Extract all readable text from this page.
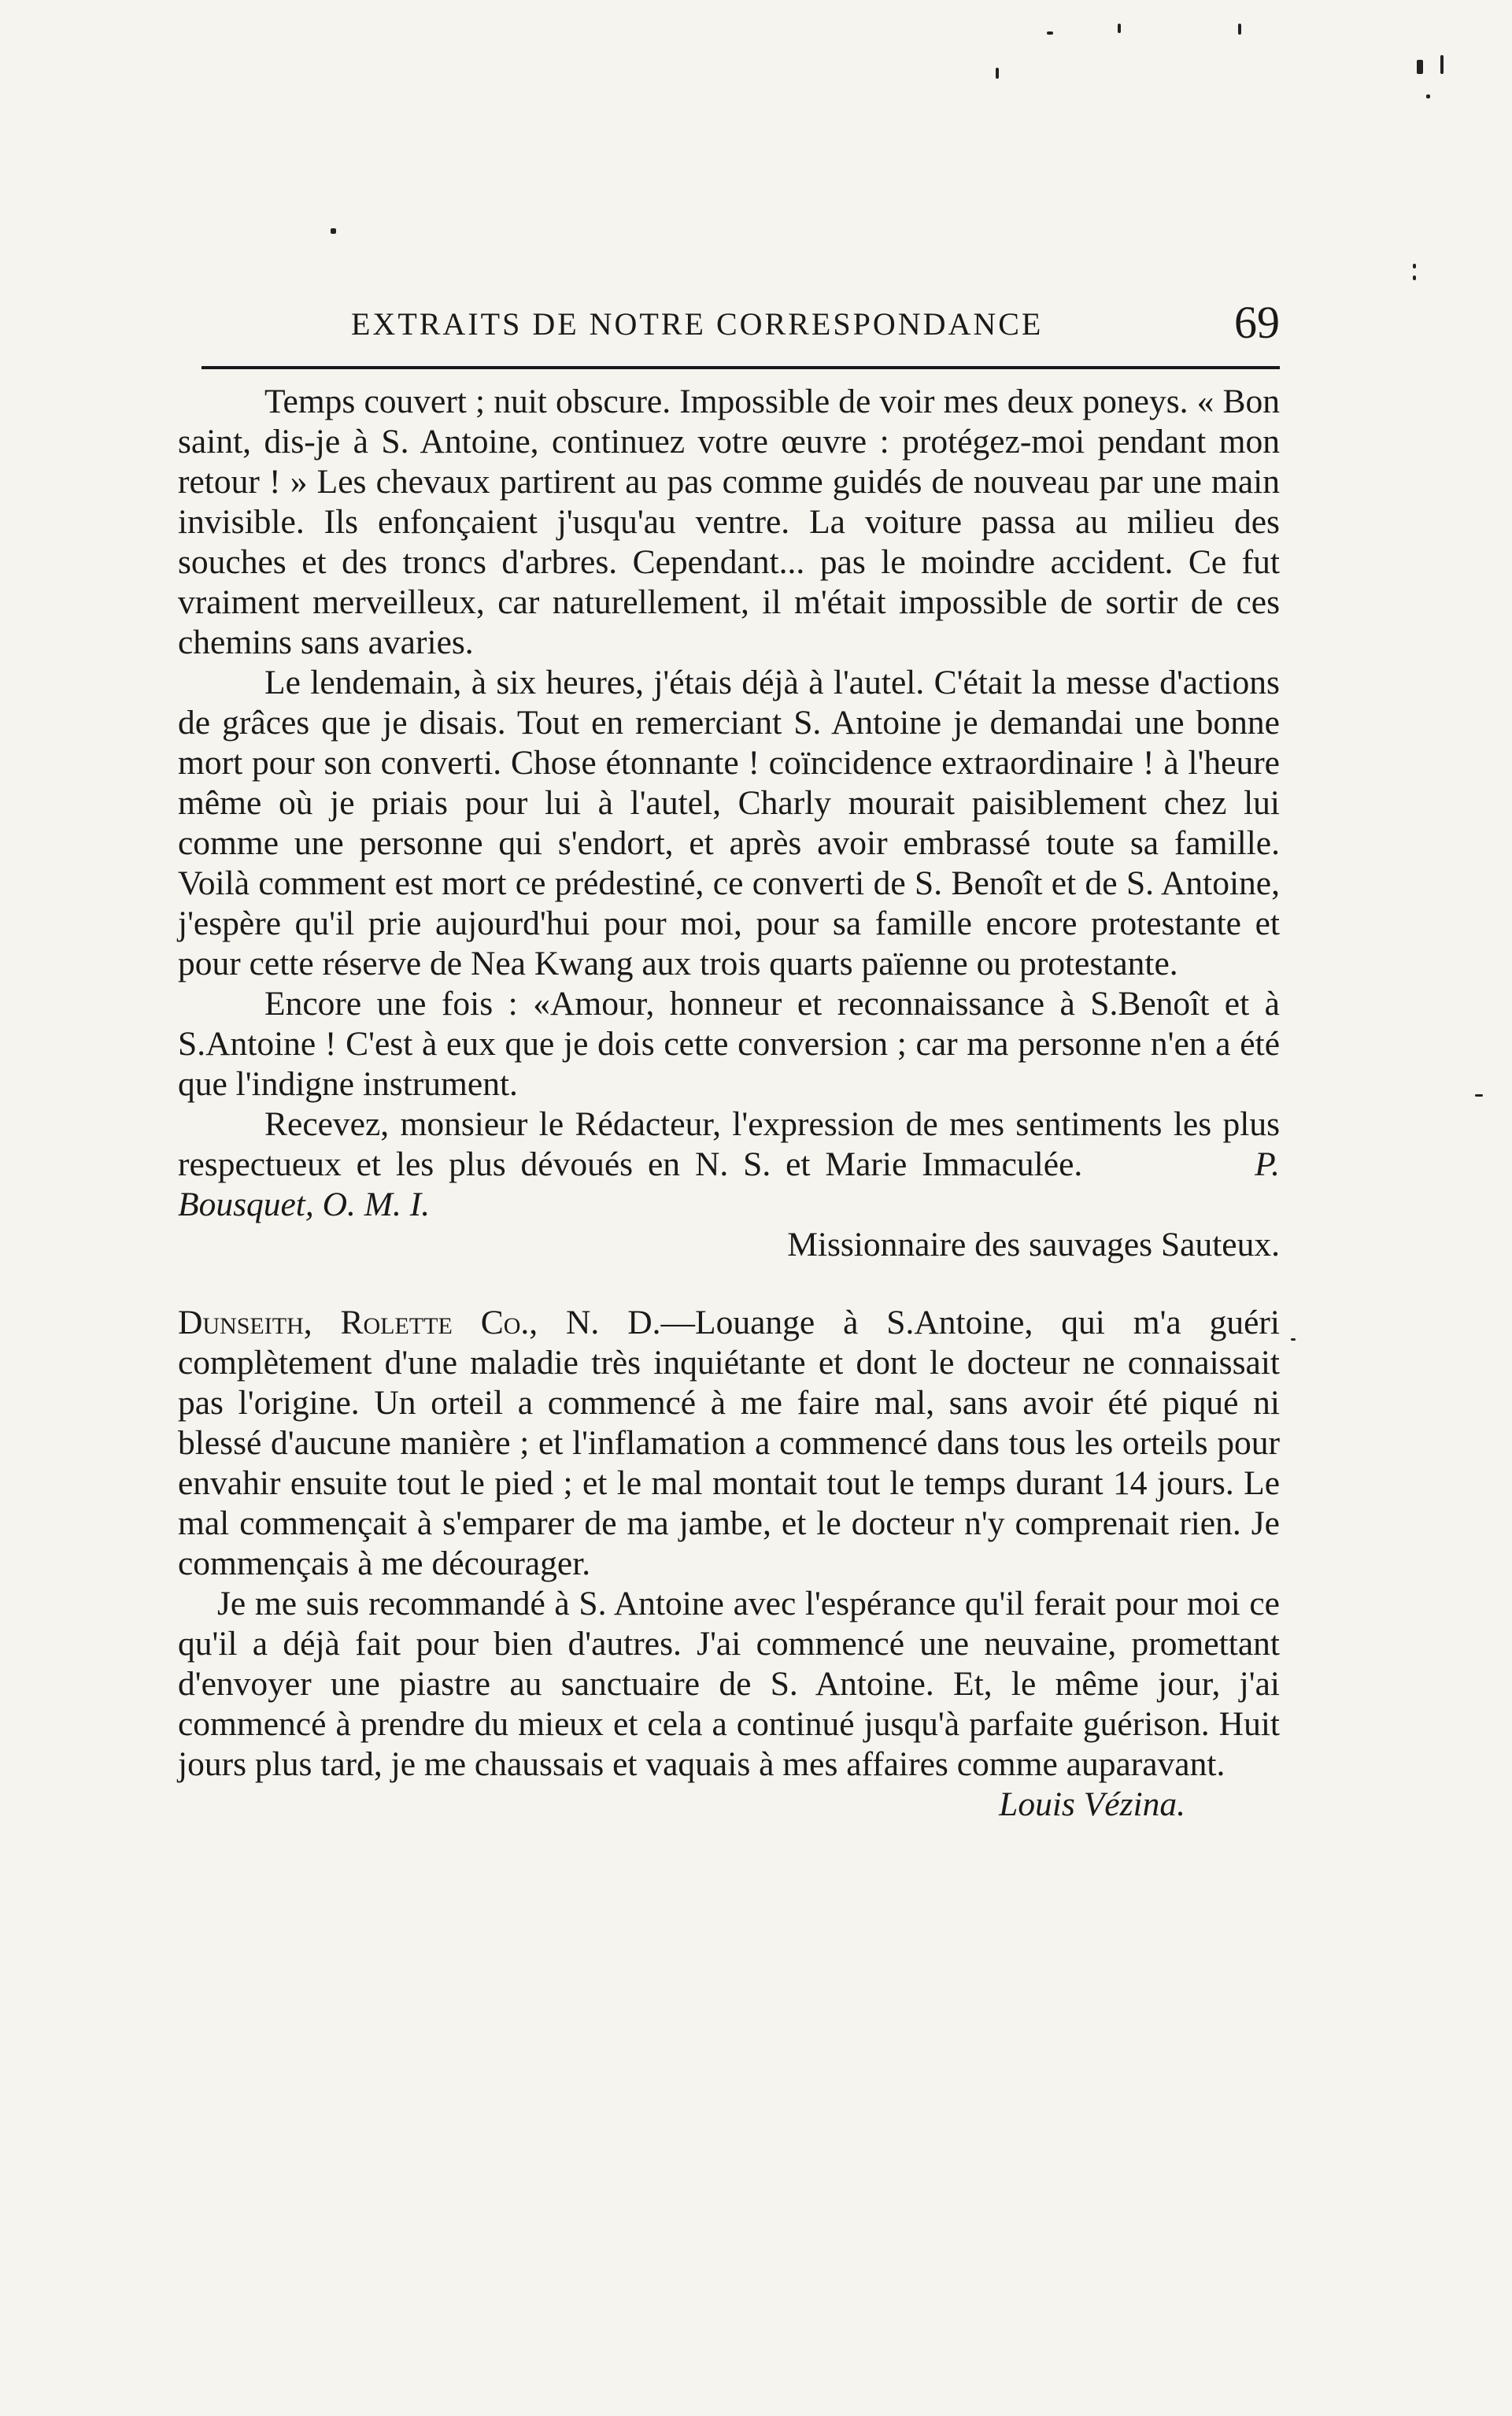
EXTRAITS DE NOTRE CORRESPONDANCE	69

Temps couvert ; nuit obscure. Impossible de voir mes deux poneys. « Bon saint, dis-je à S. Antoine, continuez votre œuvre : protégez-moi pendant mon retour ! » Les chevaux partirent au pas comme guidés de nouveau par une main invisible. Ils enfonçaient j'usqu'au ventre. La voiture passa au milieu des souches et des troncs d'arbres. Cependant... pas le moindre accident. Ce fut vraiment merveilleux, car naturellement, il m'était impossible de sortir de ces chemins sans avaries.

Le lendemain, à six heures, j'étais déjà à l'autel. C'était la messe d'actions de grâces que je disais. Tout en remerciant S. Antoine je demandai une bonne mort pour son converti. Chose étonnante ! coïncidence extraordinaire ! à l'heure même où je priais pour lui à l'autel, Charly mourait paisiblement chez lui comme une personne qui s'endort, et après avoir embrassé toute sa famille. Voilà comment est mort ce prédestiné, ce converti de S. Benoît et de S. Antoine, j'espère qu'il prie aujourd'hui pour moi, pour sa famille encore protestante et pour cette réserve de Nea Kwang aux trois quarts païenne ou protestante.

Encore une fois : «Amour, honneur et reconnaissance à S.Benoît et à S.Antoine ! C'est à eux que je dois cette conversion ; car ma personne n'en a été que l'indigne instrument.

Recevez, monsieur le Rédacteur, l'expression de mes sentiments les plus respectueux et les plus dévoués en N. S. et Marie Immaculée.	P. Bousquet, O. M. I.

Missionnaire des sauvages Sauteux.

Dunseith, Rolette Co., N. D.—Louange à S.Antoine, qui m'a guéri complètement d'une maladie très inquiétante et dont le docteur ne connaissait pas l'origine. Un orteil a commencé à me faire mal, sans avoir été piqué ni blessé d'aucune manière ; et l'inflamation a commencé dans tous les orteils pour envahir ensuite tout le pied ; et le mal montait tout le temps durant 14 jours. Le mal commençait à s'emparer de ma jambe, et le docteur n'y comprenait rien. Je commençais à me décourager.

Je me suis recommandé à S. Antoine avec l'espérance qu'il ferait pour moi ce qu'il a déjà fait pour bien d'autres. J'ai commencé une neuvaine, promettant d'envoyer une piastre au sanctuaire de S. Antoine. Et, le même jour, j'ai commencé à prendre du mieux et cela a continué jusqu'à parfaite guérison. Huit jours plus tard, je me chaussais et vaquais à mes affaires comme auparavant.
Louis Vézina.
